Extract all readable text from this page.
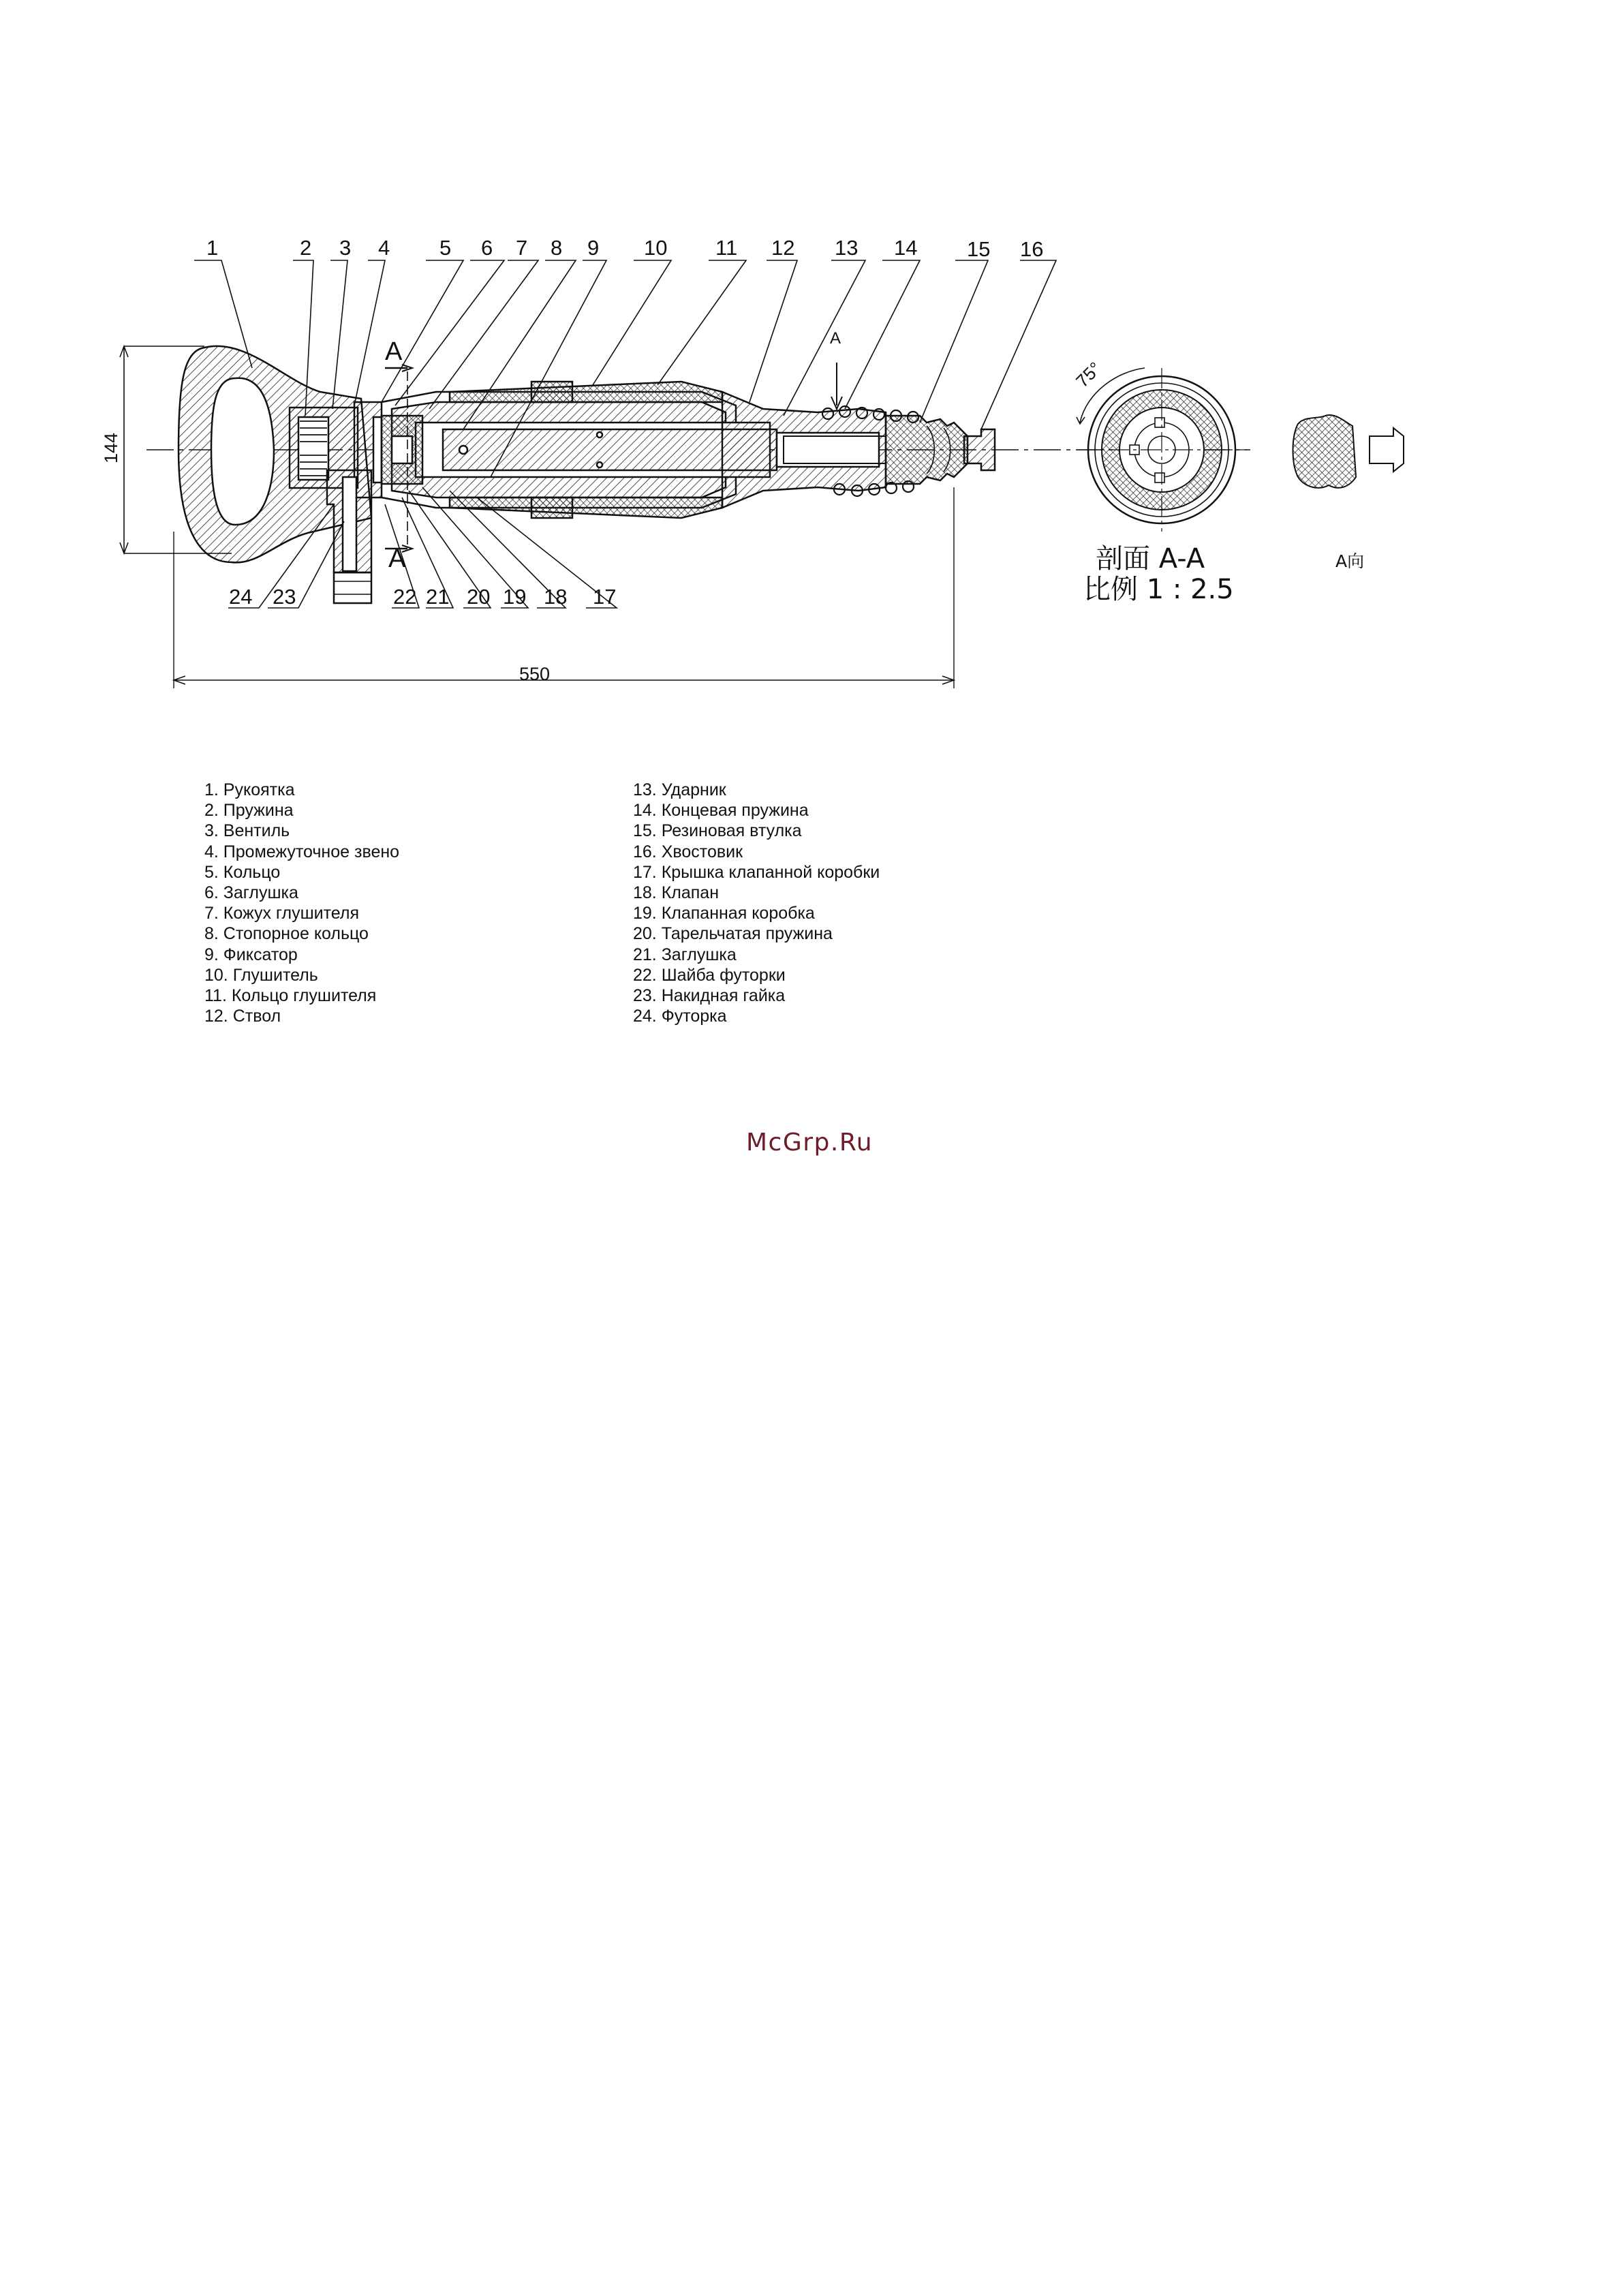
1	2 3 4 5 6 7 8 9 10 11 12 13 14 15 16
24 23	22 21 20 19 18 17
A
A
A
144
550
75°
剖面 A-A
比例 1 : 2.5
A向
1. Рукоятка
2. Пружина
3. Вентиль
4. Промежуточное звено
5. Кольцо
6. Заглушка
7. Кожух глушителя
8. Стопорное кольцо
9. Фиксатор
10. Глушитель
11. Кольцо глушителя
12. Ствол
13. Ударник
14. Концевая пружина
15. Резиновая втулка
16. Хвостовик
17. Крышка клапанной коробки
18. Клапан
19. Клапанная коробка
20. Тарельчатая пружина
21. Заглушка
22. Шайба футорки
23. Накидная гайка
24. Футорка
McGrp.Ru
